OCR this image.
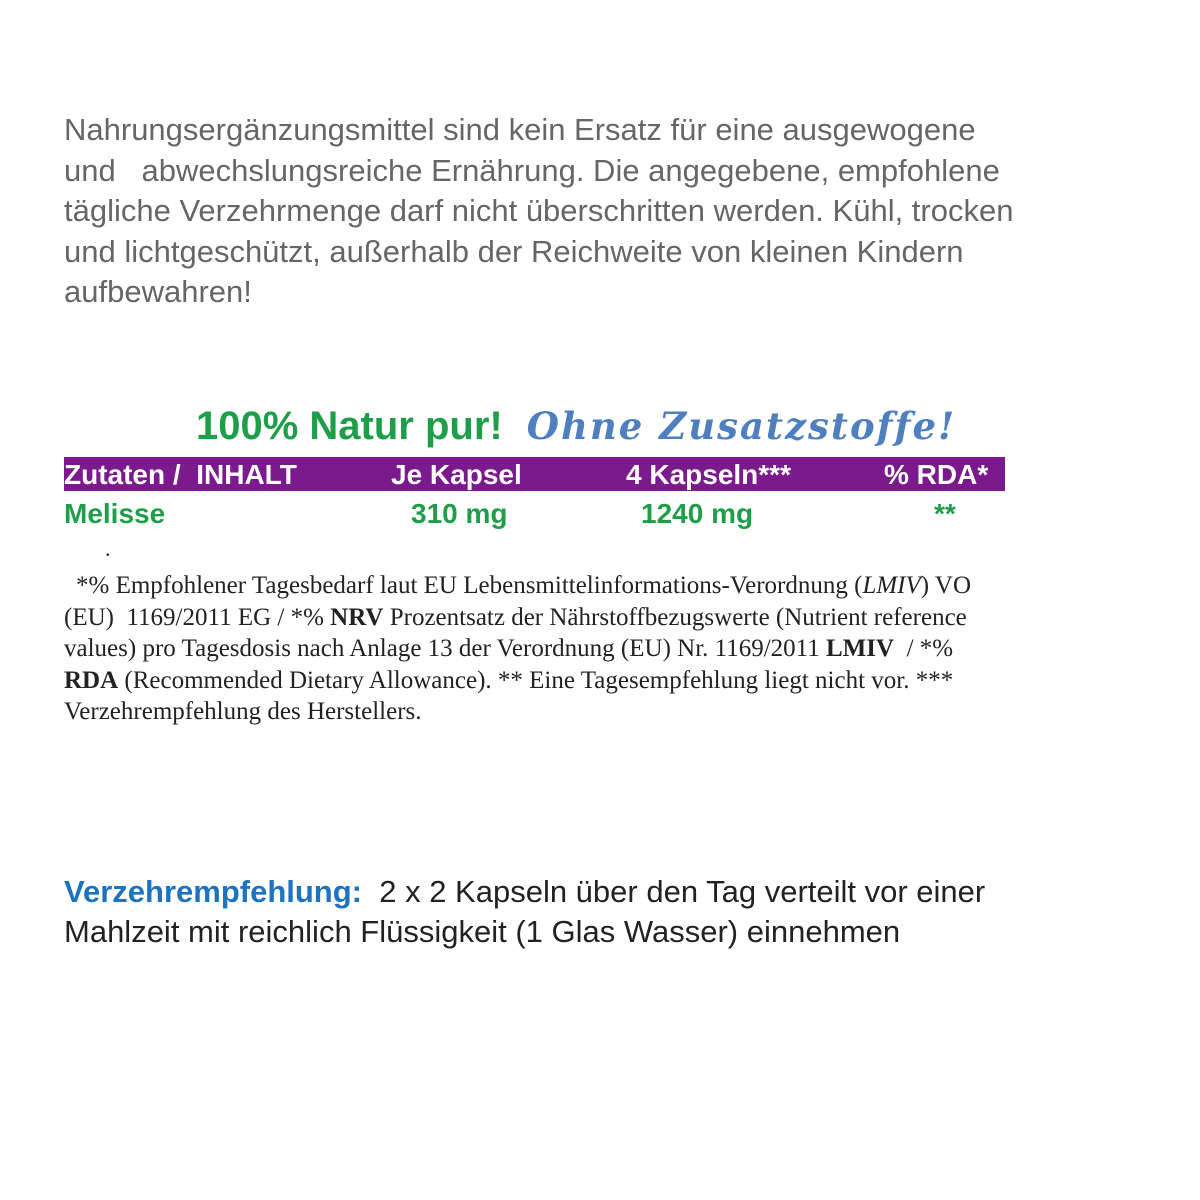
Nahrungsergänzungsmittel sind kein Ersatz für eine ausgewogene
und   abwechslungsreiche Ernährung. Die angegebene, empfohlene
tägliche Verzehrmenge darf nicht überschritten werden. Kühl, trocken
und lichtgeschützt, außerhalb der Reichweite von kleinen Kindern
aufbewahren!
100% Natur pur! Ohne Zusatzstoffe!
Zutaten /  INHALT	Je Kapsel	4 Kapseln***	% RDA*
Melisse	310 mg	1240 mg	**
.
*% Empfohlener Tagesbedarf laut EU Lebensmittelinformations-Verordnung (LMIV) VO
(EU)  1169/2011 EG / *% NRV Prozentsatz der Nährstoffbezugswerte (Nutrient reference
values) pro Tagesdosis nach Anlage 13 der Verordnung (EU) Nr. 1169/2011 LMIV  / *%
RDA (Recommended Dietary Allowance). ** Eine Tagesempfehlung liegt nicht vor. ***
Verzehrempfehlung des Herstellers.
Verzehrempfehlung:  2 x 2 Kapseln über den Tag verteilt vor einer
Mahlzeit mit reichlich Flüssigkeit (1 Glas Wasser) einnehmen
